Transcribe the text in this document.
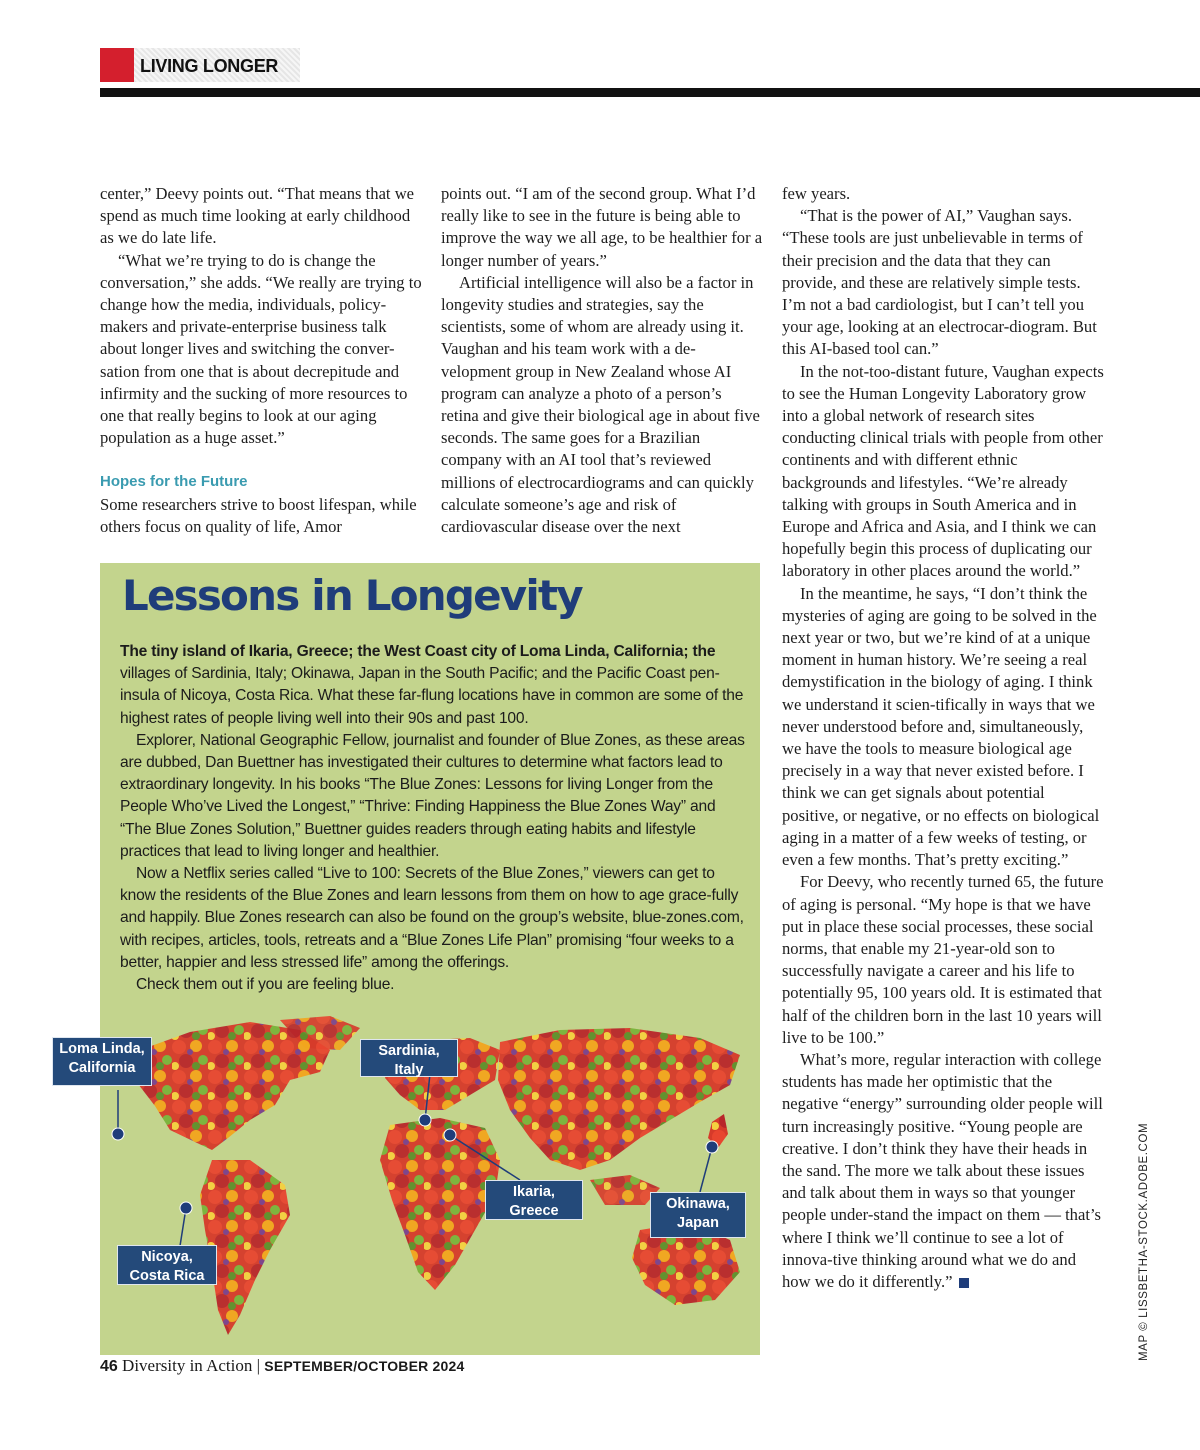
LIVING LONGER

center,” Deevy points out. “That means that we spend as much time looking at early childhood as we do late life.

“What we’re trying to do is change the conversation,” she adds. “We really are trying to change how the media, individuals, policy-makers and private-enterprise business talk about longer lives and switching the conver-sation from one that is about decrepitude and infirmity and the sucking of more resources to one that really begins to look at our aging population as a huge asset.”

Hopes for the Future

Some researchers strive to boost lifespan, while others focus on quality of life, Amor

points out. “I am of the second group. What I’d really like to see in the future is being able to improve the way we all age, to be healthier for a longer number of years.”

Artificial intelligence will also be a factor in longevity studies and strategies, say the scientists, some of whom are already using it. Vaughan and his team work with a de-velopment group in New Zealand whose AI program can analyze a photo of a person’s retina and give their biological age in about five seconds. The same goes for a Brazilian company with an AI tool that’s reviewed millions of electrocardiograms and can quickly calculate someone’s age and risk of cardiovascular disease over the next

few years.

“That is the power of AI,” Vaughan says. “These tools are just unbelievable in terms of their precision and the data that they can provide, and these are relatively simple tests. I’m not a bad cardiologist, but I can’t tell you your age, looking at an electrocar-diogram. But this AI-based tool can.”

In the not-too-distant future, Vaughan expects to see the Human Longevity Laboratory grow into a global network of research sites conducting clinical trials with people from other continents and with different ethnic backgrounds and lifestyles. “We’re already talking with groups in South America and in Europe and Africa and Asia, and I think we can hopefully begin this process of duplicating our laboratory in other places around the world.”

In the meantime, he says, “I don’t think the mysteries of aging are going to be solved in the next year or two, but we’re kind of at a unique moment in human history. We’re seeing a real demystification in the biology of aging. I think we understand it scien-tifically in ways that we never understood before and, simultaneously, we have the tools to measure biological age precisely in a way that never existed before. I think we can get signals about potential positive, or negative, or no effects on biological aging in a matter of a few weeks of testing, or even a few months. That’s pretty exciting.”

For Deevy, who recently turned 65, the future of aging is personal. “My hope is that we have put in place these social processes, these social norms, that enable my 21-year-old son to successfully navigate a career and his life to potentially 95, 100 years old. It is estimated that half of the children born in the last 10 years will live to be 100.”

What’s more, regular interaction with college students has made her optimistic that the negative “energy” surrounding older people will turn increasingly positive. “Young people are creative. I don’t think they have their heads in the sand. The more we talk about these issues and talk about them in ways so that younger people under-stand the impact on them — that’s where I think we’ll continue to see a lot of innova-tive thinking around what we do and how we do it differently.”

Lessons in Longevity

The tiny island of Ikaria, Greece; the West Coast city of Loma Linda, California; the villages of Sardinia, Italy; Okinawa, Japan in the South Pacific; and the Pacific Coast pen-insula of Nicoya, Costa Rica. What these far-flung locations have in common are some of the highest rates of people living well into their 90s and past 100.

Explorer, National Geographic Fellow, journalist and founder of Blue Zones, as these areas are dubbed, Dan Buettner has investigated their cultures to determine what factors lead to extraordinary longevity. In his books “The Blue Zones: Lessons for living Longer from the People Who’ve Lived the Longest,” “Thrive: Finding Happiness the Blue Zones Way” and “The Blue Zones Solution,” Buettner guides readers through eating habits and lifestyle practices that lead to living longer and healthier.

Now a Netflix series called “Live to 100: Secrets of the Blue Zones,” viewers can get to know the residents of the Blue Zones and learn lessons from them on how to age grace-fully and happily. Blue Zones research can also be found on the group’s website, blue-zones.com, with recipes, articles, tools, retreats and a “Blue Zones Life Plan” promising “four weeks to a better, happier and less stressed life” among the offerings.

Check them out if you are feeling blue.

Loma Linda, California
Sardinia, Italy
Ikaria, Greece	Okinawa, Japan
Nicoya, Costa Rica
46 Diversity in Action | SEPTEMBER/OCTOBER 2024
MAP © LISSBETHA-STOCK.ADOBE.COM
